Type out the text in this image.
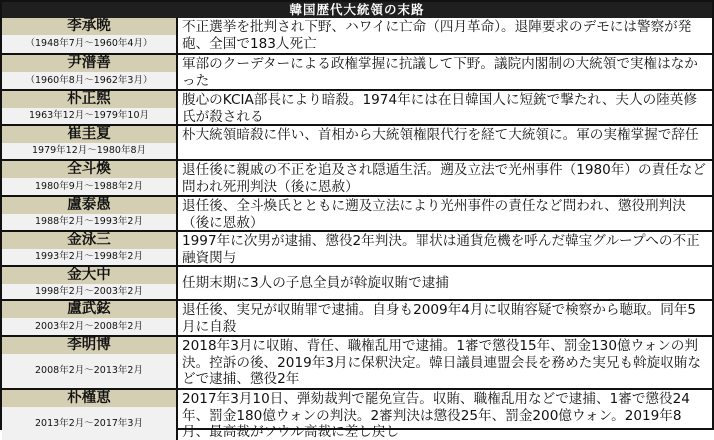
韓国歴代大統領の末路
李承晩
（1948年7月～1960年4月）
不正選挙を批判され下野、ハワイに亡命（四月革命）。退陣要求のデモには警察が発砲、全国で183人死亡
尹潽善
（1960年8月～1962年3月）
軍部のクーデターによる政権掌握に抗議して下野。議院内閣制の大統領で実権はなかった
朴正煕
1963年12月～1979年10月
腹心のKCIA部長により暗殺。1974年には在日韓国人に短銃で撃たれ、夫人の陸英修氏が殺される
崔圭夏
1979年12月～1980年8月
朴大統領暗殺に伴い、首相から大統領権限代行を経て大統領に。軍の実権掌握で辞任
全斗煥
1980年9月～1988年2月
退任後に親戚の不正を追及され隠遁生活。遡及立法で光州事件（1980年）の責任など問われ死刑判決（後に恩赦）
盧泰愚
1988年2月～1993年2月
退任後、全斗煥氏とともに遡及立法により光州事件の責任など問われ、懲役刑判決（後に恩赦）
金泳三
1993年2月～1998年2月
1997年に次男が逮捕、懲役2年判決。罪状は通貨危機を呼んだ韓宝グループへの不正融資関与
金大中
1998年2月～2003年2月	任期末期に3人の子息全員が斡旋収賄で逮捕
盧武鉉
2003年2月～2008年2月
退任後、実兄が収賄罪で逮捕。自身も2009年4月に収賄容疑で検察から聴取。同年5月に自殺
李明博
2008年2月～2013年2月
2018年3月に収賄、背任、職権乱用で逮捕。1審で懲役15年、罰金130億ウォンの判決。控訴の後、2019年3月に保釈決定。韓日議員連盟会長を務めた実兄も斡旋収賄などで逮捕、懲役2年
朴槿恵
2013年2月～2017年3月
2017年3月10日、弾劾裁判で罷免宣告。収賄、職権乱用などで逮捕、1審で懲役24年、罰金180億ウォンの判決。2審判決は懲役25年、罰金200億ウォン。2019年8月、最高裁がソウル高裁に差し戻し
